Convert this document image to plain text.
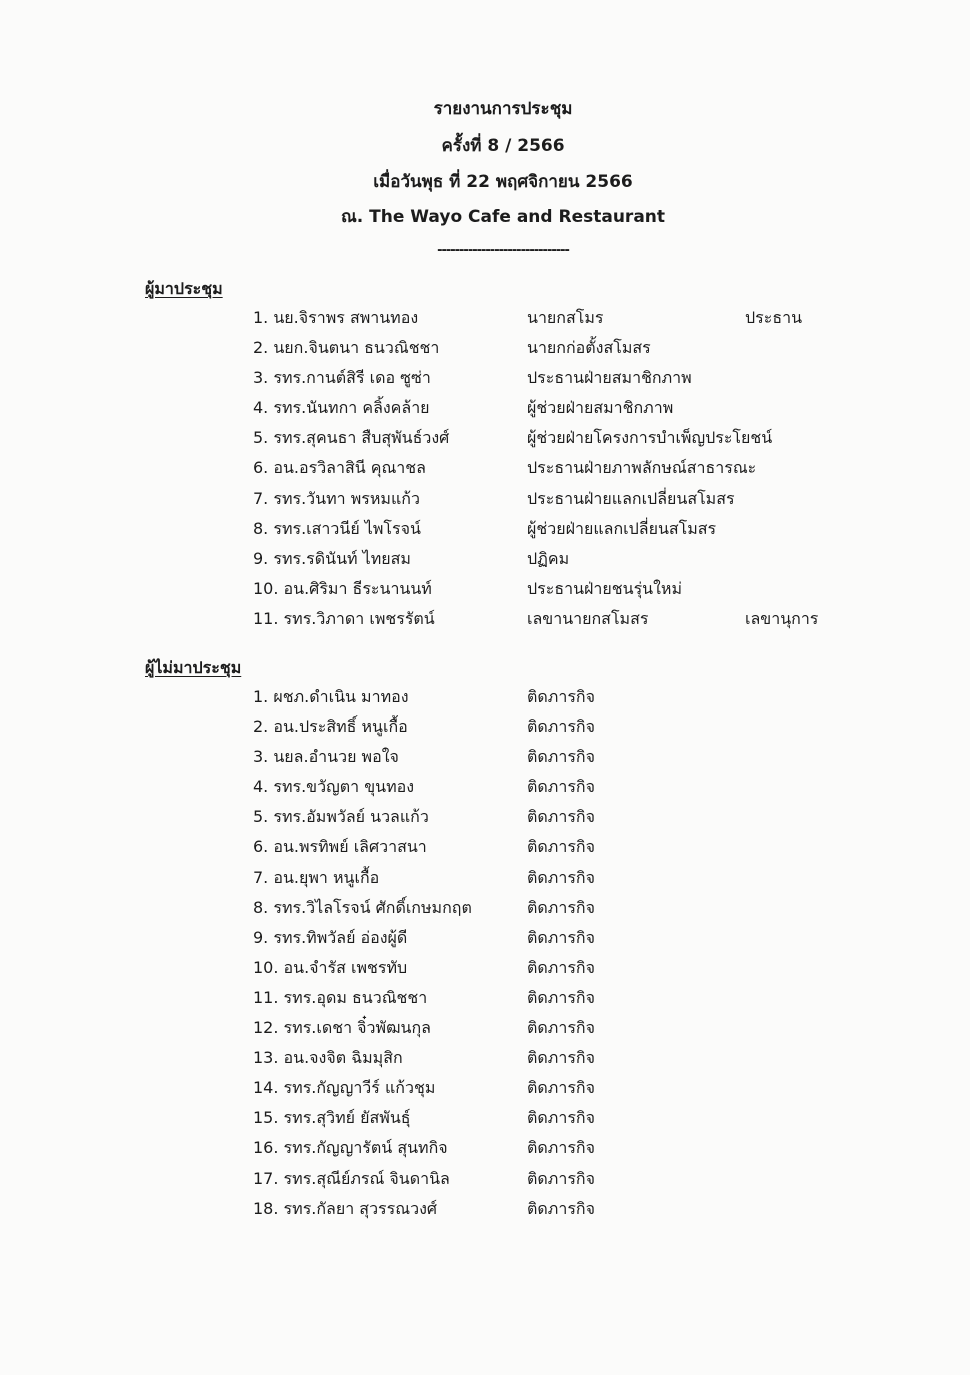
รายงานการประชุม
ครั้งที่ 8 / 2566
เมื่อวันพุธ ที่ 22 พฤศจิกายน 2566
ณ. The Wayo Cafe and Restaurant
------------------------------
ผู้มาประชุม
1. นย.จิราพร สพานทอง	นายกสโมร	ประธาน
2. นยก.จินตนา ธนวณิชชา	นายกก่อตั้งสโมสร
3. รทร.กานต์สิรี เดอ ซูซ่า	ประธานฝ่ายสมาชิกภาพ
4. รทร.นันทกา คลิ้งคล้าย	ผู้ช่วยฝ่ายสมาชิกภาพ
5. รทร.สุคนธา สืบสุพันธ์วงศ์	ผู้ช่วยฝ่ายโครงการบำเพ็ญประโยชน์
6. อน.อรวิลาสินี คุณาชล	ประธานฝ่ายภาพลักษณ์สาธารณะ
7. รทร.วันทา พรหมแก้ว	ประธานฝ่ายแลกเปลี่ยนสโมสร
8. รทร.เสาวนีย์ ไพโรจน์	ผู้ช่วยฝ่ายแลกเปลี่ยนสโมสร
9. รทร.รดินันท์ ไทยสม	ปฏิคม
10. อน.ศิริมา ธีระนานนท์	ประธานฝ่ายชนรุ่นใหม่
11. รทร.วิภาดา เพชรรัตน์	เลขานายกสโมสร	เลขานุการ
ผู้ไม่มาประชุม
1. ผชภ.ดำเนิน มาทอง	ติดภารกิจ
2. อน.ประสิทธิ์ หนูเกื้อ	ติดภารกิจ
3. นยล.อำนวย พอใจ	ติดภารกิจ
4. รทร.ขวัญตา ขุนทอง	ติดภารกิจ
5. รทร.อัมพวัลย์ นวลแก้ว	ติดภารกิจ
6. อน.พรทิพย์ เลิศวาสนา	ติดภารกิจ
7. อน.ยุพา หนูเกื้อ	ติดภารกิจ
8. รทร.วิไลโรจน์ ศักดิ์เกษมกฤต	ติดภารกิจ
9. รทร.ทิพวัลย์ อ่องผู้ดี	ติดภารกิจ
10. อน.จำรัส เพชรทับ	ติดภารกิจ
11. รทร.อุดม ธนวณิชชา	ติดภารกิจ
12. รทร.เดชา จิ๋วพัฒนกุล	ติดภารกิจ
13. อน.จงจิต ฉิมมุสิก	ติดภารกิจ
14. รทร.กัญญาวีร์ แก้วชุม	ติดภารกิจ
15. รทร.สุวิทย์ ยัสพันธุ์	ติดภารกิจ
16. รทร.กัญญารัตน์ สุนทกิจ	ติดภารกิจ
17. รทร.สุณีย์ภรณ์ จินดานิล	ติดภารกิจ
18. รทร.กัลยา สุวรรณวงศ์	ติดภารกิจ
